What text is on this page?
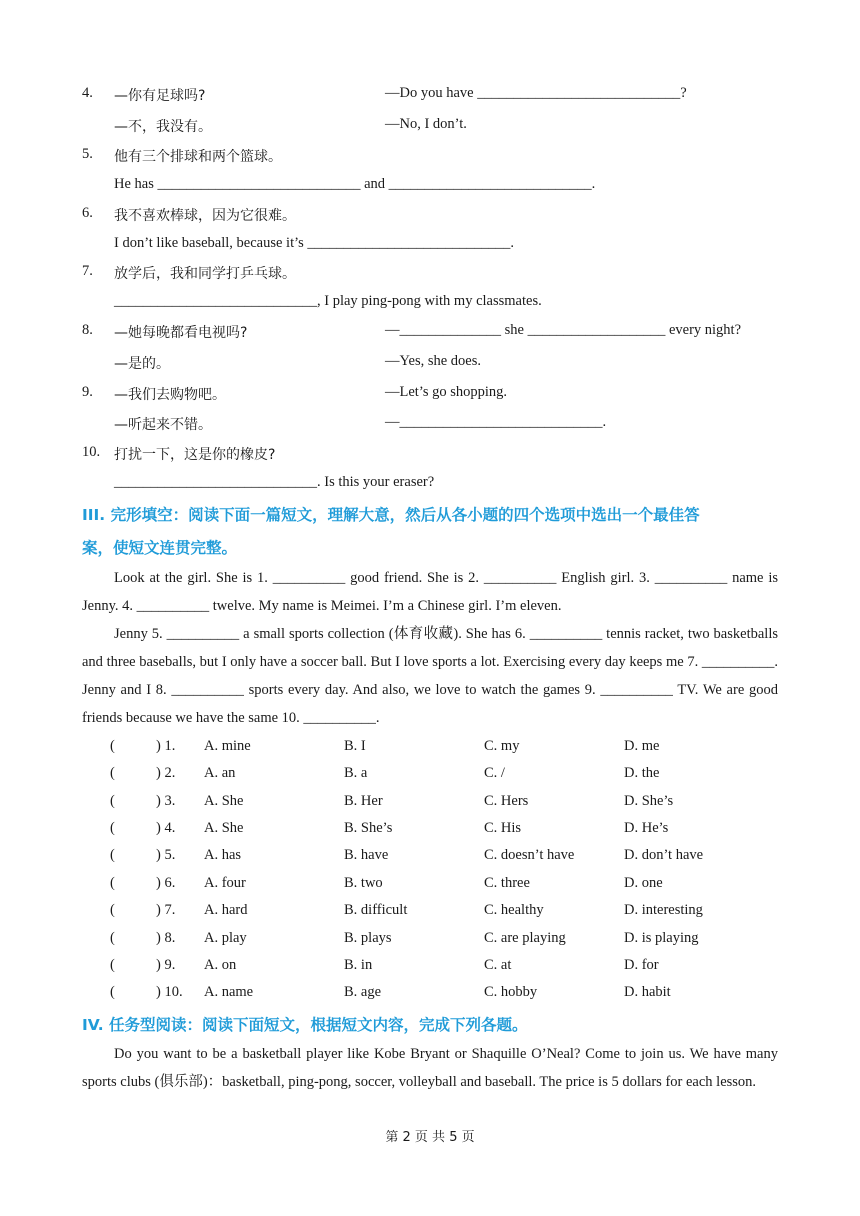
4. —你有足球吗?	—Do you have ____________________________?
—不，我没有。	—No, I don’t.
5. 他有三个排球和两个篮球。
He has ____________________________ and ____________________________.
6. 我不喜欢棒球，因为它很难。
I don’t like baseball, because it’s ____________________________.
7. 放学后，我和同学打乒乓球。
____________________________, I play ping-pong with my classmates.
8. —她每晚都看电视吗?	—______________ she ___________________ every night?
—是的。	—Yes, she does.
9. —我们去购物吧。	—Let’s go shopping.
—听起来不错。	—____________________________.
10. 打扰一下，这是你的橡皮?
____________________________. Is this your eraser?
III. 完形填空：阅读下面一篇短文，理解大意，然后从各小题的四个选项中选出一个最佳答
案，使短文连贯完整。
Look at the girl. She is 1. __________ good friend. She is 2. __________ English girl. 3. __________ name is Jenny. 4. __________ twelve. My name is Meimei. I’m a Chinese girl. I’m eleven.
Jenny 5. __________ a small sports collection (体育收藏). She has 6. __________ tennis racket, two basketballs and three baseballs, but I only have a soccer ball. But I love sports a lot. Exercising every day keeps me 7. __________. Jenny and I 8. __________ sports every day. And also, we love to watch the games 9. __________ TV. We are good friends because we have the same 10. __________.
(	) 1. A. mine	B. I	C. my	D. me
(	) 2. A. an	B. a	C. /	D. the
(	) 3. A. She	B. Her	C. Hers	D. She’s
(	) 4. A. She	B. She’s	C. His	D. He’s
(	) 5. A. has	B. have	C. doesn’t have	D. don’t have
(	) 6. A. four	B. two	C. three	D. one
(	) 7. A. hard	B. difficult	C. healthy	D. interesting
(	) 8. A. play	B. plays	C. are playing	D. is playing
(	) 9. A. on	B. in	C. at	D. for
(	) 10. A. name	B. age	C. hobby	D. habit
IV. 任务型阅读：阅读下面短文，根据短文内容，完成下列各题。
Do you want to be a basketball player like Kobe Bryant or Shaquille O’Neal? Come to join us. We have many sports clubs (俱乐部)：basketball, ping-pong, soccer, volleyball and baseball. The price is 5 dollars for each lesson.
第 2 页 共 5 页
